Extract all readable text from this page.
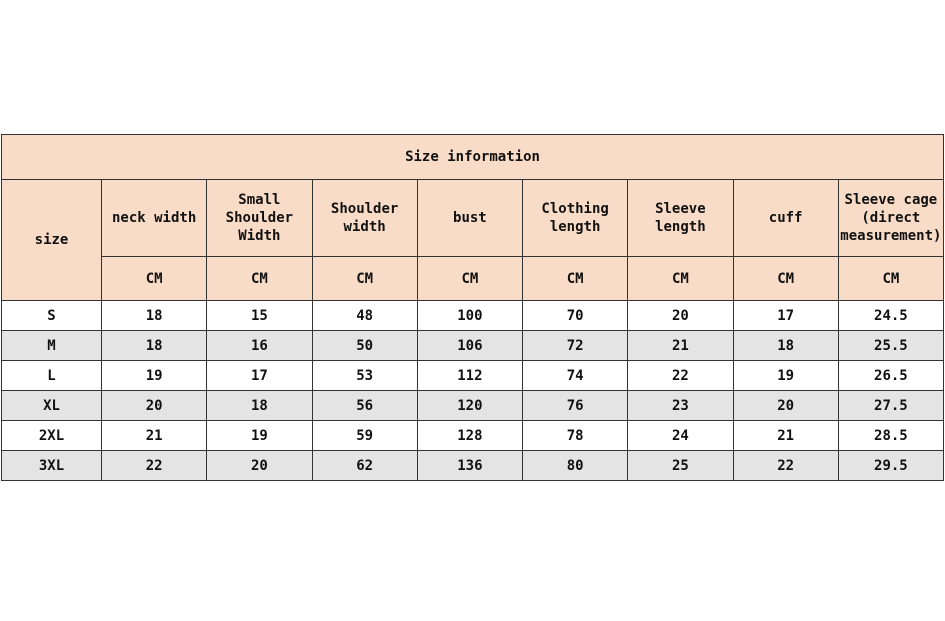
Size information								
size	neck width	Small Shoulder Width	Shoulder width	bust	Clothing length	Sleeve length	cuff	Sleeve cage (direct measurement)
	CM	CM	CM	CM	CM	CM	CM	CM
S	18	15	48	100	70	20	17	24.5
M	18	16	50	106	72	21	18	25.5
L	19	17	53	112	74	22	19	26.5
XL	20	18	56	120	76	23	20	27.5
2XL	21	19	59	128	78	24	21	28.5
3XL	22	20	62	136	80	25	22	29.5
